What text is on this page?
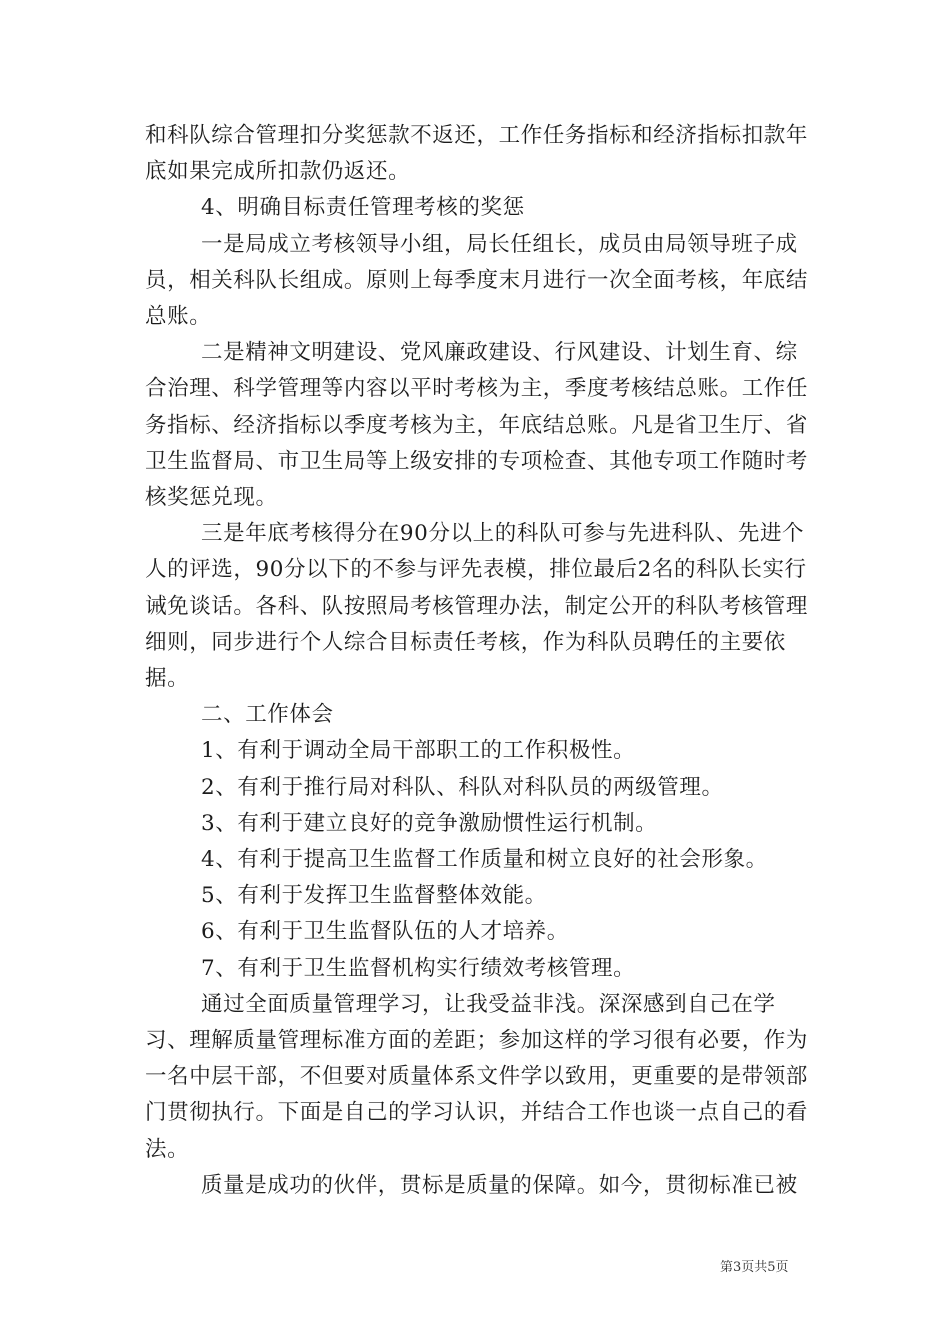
和科队综合管理扣分奖惩款不返还，工作任务指标和经济指标扣款年底如果完成所扣款仍返还。

4、明确目标责任管理考核的奖惩

一是局成立考核领导小组，局长任组长，成员由局领导班子成员，相关科队长组成。原则上每季度末月进行一次全面考核，年底结总账。

二是精神文明建设、党风廉政建设、行风建设、计划生育、综合治理、科学管理等内容以平时考核为主，季度考核结总账。工作任务指标、经济指标以季度考核为主，年底结总账。凡是省卫生厅、省卫生监督局、市卫生局等上级安排的专项检查、其他专项工作随时考核奖惩兑现。

三是年底考核得分在90分以上的科队可参与先进科队、先进个人的评选，90分以下的不参与评先表模，排位最后2名的科队长实行诫免谈话。各科、队按照局考核管理办法，制定公开的科队考核管理细则，同步进行个人综合目标责任考核，作为科队员聘任的主要依据。

二、工作体会

1、有利于调动全局干部职工的工作积极性。

2、有利于推行局对科队、科队对科队员的两级管理。

3、有利于建立良好的竞争激励惯性运行机制。

4、有利于提高卫生监督工作质量和树立良好的社会形象。

5、有利于发挥卫生监督整体效能。

6、有利于卫生监督队伍的人才培养。

7、有利于卫生监督机构实行绩效考核管理。

通过全面质量管理学习，让我受益非浅。深深感到自己在学习、理解质量管理标准方面的差距；参加这样的学习很有必要，作为一名中层干部，不但要对质量体系文件学以致用，更重要的是带领部门贯彻执行。下面是自己的学习认识，并结合工作也谈一点自己的看法。

质量是成功的伙伴，贯标是质量的保障。如今，贯彻标准已被

第3页共5页
